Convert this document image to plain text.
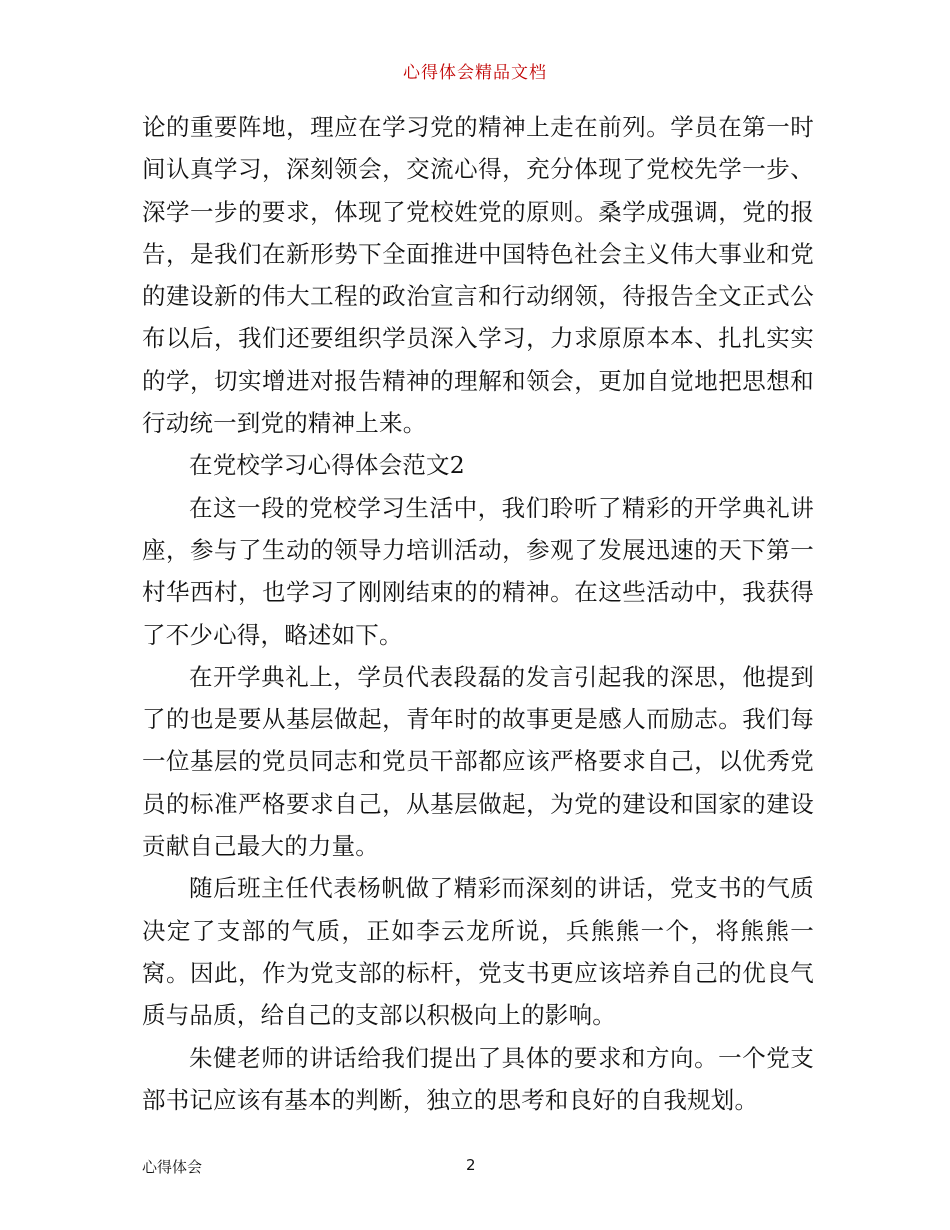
心得体会精品文档

论的重要阵地，理应在学习党的精神上走在前列。学员在第一时间认真学习，深刻领会，交流心得，充分体现了党校先学一步、深学一步的要求，体现了党校姓党的原则。桑学成强调，党的报告，是我们在新形势下全面推进中国特色社会主义伟大事业和党的建设新的伟大工程的政治宣言和行动纲领，待报告全文正式公布以后，我们还要组织学员深入学习，力求原原本本、扎扎实实的学，切实增进对报告精神的理解和领会，更加自觉地把思想和行动统一到党的精神上来。

在党校学习心得体会范文2

在这一段的党校学习生活中，我们聆听了精彩的开学典礼讲座，参与了生动的领导力培训活动，参观了发展迅速的天下第一村华西村，也学习了刚刚结束的的精神。在这些活动中，我获得了不少心得，略述如下。

在开学典礼上，学员代表段磊的发言引起我的深思，他提到了的也是要从基层做起，青年时的故事更是感人而励志。我们每一位基层的党员同志和党员干部都应该严格要求自己，以优秀党员的标准严格要求自己，从基层做起，为党的建设和国家的建设贡献自己最大的力量。

随后班主任代表杨帆做了精彩而深刻的讲话，党支书的气质决定了支部的气质，正如李云龙所说，兵熊熊一个，将熊熊一窝。因此，作为党支部的标杆，党支书更应该培养自己的优良气质与品质，给自己的支部以积极向上的影响。

朱健老师的讲话给我们提出了具体的要求和方向。一个党支部书记应该有基本的判断，独立的思考和良好的自我规划。

心得体会	2
